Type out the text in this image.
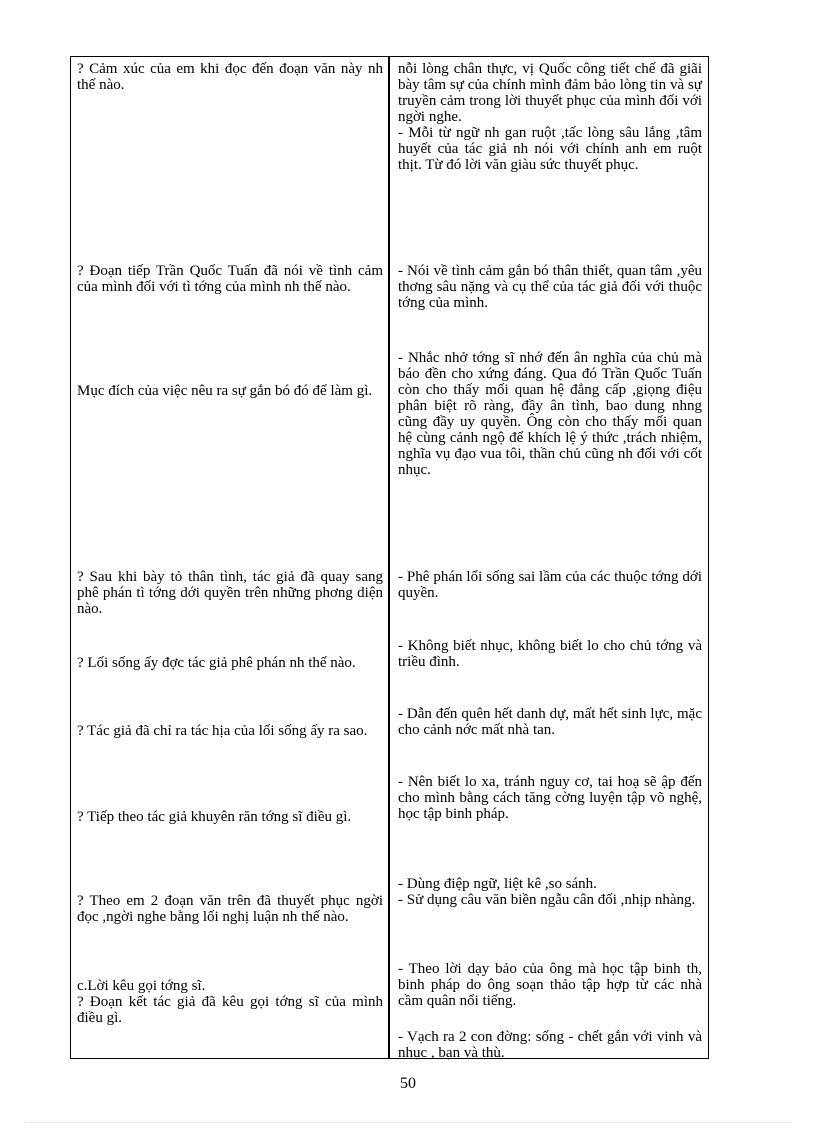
? Cảm xúc của em khi đọc đến đoạn văn này nh thế nào.
? Đoạn tiếp Trần Quốc Tuấn đã nói về tình cảm của mình đối với tì tớng của mình nh thế nào.
Mục đích của việc nêu ra sự gắn bó đó để làm gì.
? Sau khi bày tỏ thân tình, tác giả đã quay sang phê phán tì tớng dới quyền trên những phơng diện nào.
? Lối sống ấy đợc tác giả phê phán nh thế nào.
? Tác giả đã chỉ ra tác hịa của lối sống ấy ra sao.
? Tiếp theo tác giả khuyên răn tớng sĩ điều gì.
? Theo em 2 đoạn văn trên đã thuyết phục ngời đọc ,ngời nghe bằng lối nghị luận nh thế nào.
c.Lời kêu gọi tớng sĩ.
? Đoạn kết tác giả đã kêu gọi tớng sĩ của mình điều gì.
nỗi lòng chân thực, vị Quốc công tiết chế đã giãi bày tâm sự của chính mình đảm bảo lòng tin và sự truyền cảm trong lời thuyết phục của mình đối với ngời nghe.
- Mỗi từ ngữ nh gan ruột ,tấc lòng sâu lắng ,tâm huyết của tác giả nh nói với chính anh em ruột thịt. Từ đó lời văn giàu sức thuyết phục.
- Nói về tình cảm gắn bó thân thiết, quan tâm ,yêu thơng sâu nặng và cụ thể của tác giả đối với thuộc tớng của mình.
- Nhắc nhở tớng sĩ nhớ đến ân nghĩa của chủ mà báo đền cho xứng đáng. Qua đó Trần Quốc Tuấn còn cho thấy mối quan hệ đẳng cấp ,giọng điệu phân biệt rõ ràng, đầy ân tình, bao dung nhng cũng đầy uy quyền. Ông còn cho thấy mối quan hệ cùng cảnh ngộ để khích lệ ý thức ,trách nhiệm, nghĩa vụ đạo vua tôi, thần chủ cũng nh đối với cốt nhục.
- Phê phán lối sống sai lầm của các thuộc tớng dới quyền.
- Không biết nhục, không biết lo cho chủ tớng và triều đình.
- Dẫn đến quên hết danh dự, mất hết sinh lực, mặc cho cảnh nớc mất nhà tan.
- Nên biết lo xa, tránh nguy cơ, tai hoạ sẽ ập đến cho mình bằng cách tăng cờng luyện tập võ nghệ, học tập binh pháp.
- Dùng điệp ngữ, liệt kê ,so sánh.
- Sử dụng câu văn biền ngẫu cân đối ,nhịp nhàng.
- Theo lời dạy bảo của ông mà học tập binh th, binh pháp do ông soạn thảo tập hợp từ các nhà cầm quân nổi tiếng.
- Vạch ra 2 con đờng: sống - chết gắn với vinh và nhục , bạn và thù.
50
